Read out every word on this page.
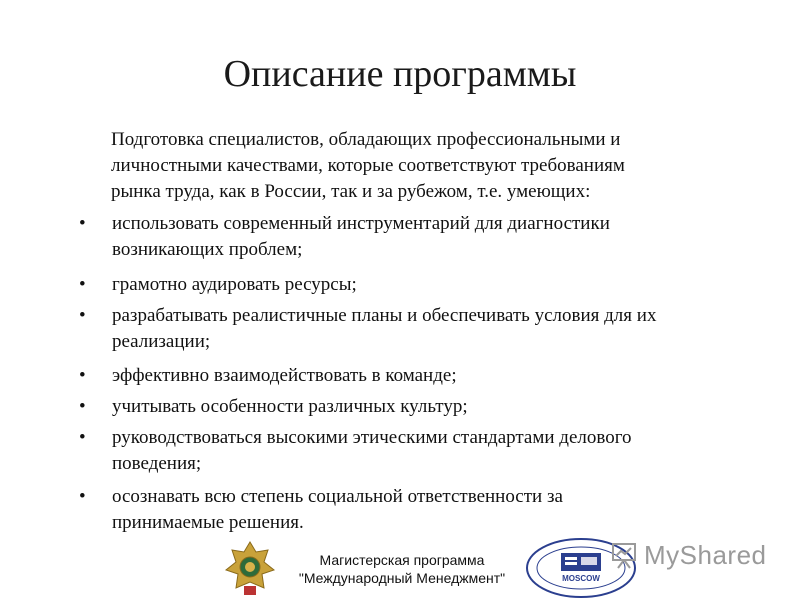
Описание программы
Подготовка специалистов, обладающих профессиональными и
личностными качествами, которые соответствуют требованиям
рынка труда, как в России, так и за рубежом, т.е. умеющих:
•	использовать современный инструментарий для диагностики
возникающих проблем;
•	грамотно аудировать ресурсы;
•	разрабатывать реалистичные планы и обеспечивать условия для их
реализации;
•	эффективно взаимодействовать в команде;
•	учитывать особенности различных культур;
•	руководствоваться высокими этическими стандартами делового
поведения;
•	осознавать всю степень социальной ответственности за
принимаемые решения.
Магистерская программа
"Международный Менеджмент"	MOSCOW
MyShared
